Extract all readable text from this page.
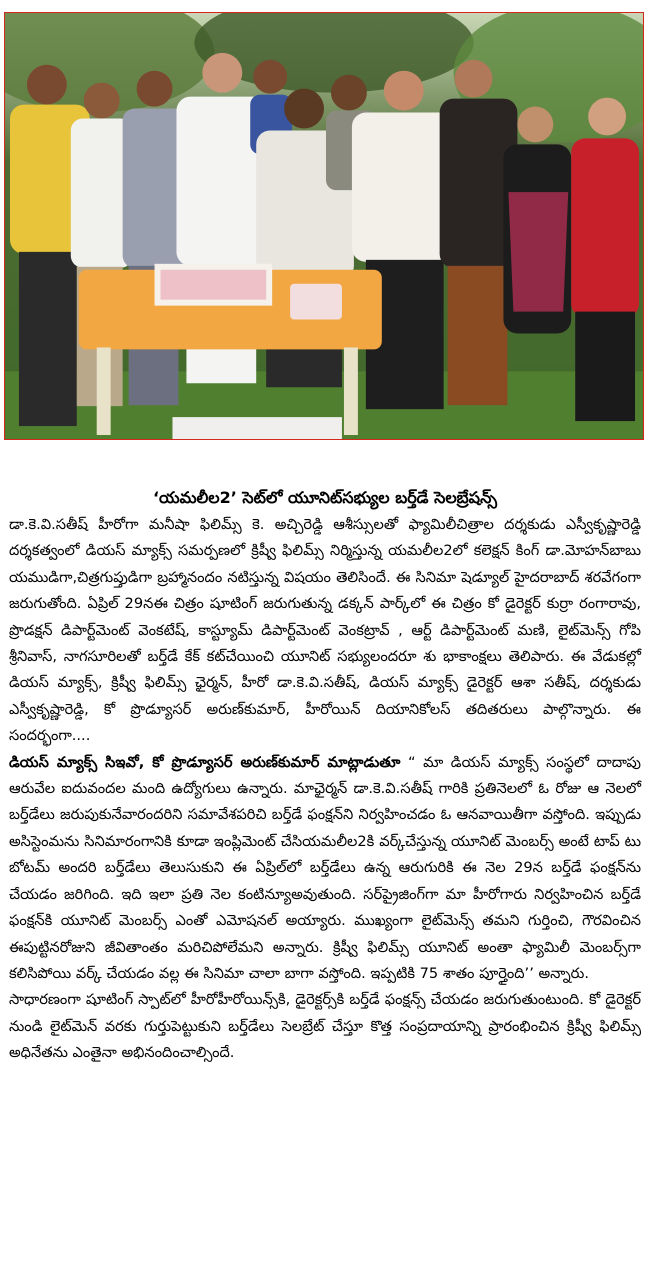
‘యమలీల2’ సెట్‌లో యూనిట్‌సభ్యుల బర్త్‌డే సెలబ్రేషన్స్‌

డా.కె.వి.సతీష్‌ హీరోగా మనీషా ఫిలిమ్స్‌ కె. అచ్చిరెడ్డి ఆశీస్సులతో ఫ్యామిలీచిత్రాల దర్శకుడు ఎస్వీకృష్ణారెడ్డి దర్శకత్వంలో డియస్‌ మ్యాక్స్‌ సమర్పణలో క్రిష్వీ ఫిలిమ్స్‌ నిర్మిస్తున్న యమలీల2లో కలెక్షన్‌ కింగ్‌ డా.మోహన్‌బాబు యముడిగా,చిత్రగుప్తుడిగా బ్రహ్మానందం నటిస్తున్న విషయం తెలిసిందే. ఈ సినిమా షెడ్యూల్‌ హైదరాబాద్‌ శరవేగంగా జరుగుతోంది. ఏప్రిల్‌ 29నఈ చిత్రం షూటింగ్‌ జరుగుతున్న డక్కన్‌ పార్క్‌లో ఈ చిత్రం కో డైరెక్టర్‌ కుర్రా రంగారావు, ప్రొడక్షన్‌ డిపార్ట్‌మెంట్‌ వెంకటేష్‌, కాస్ట్యూమ్‌ డిపార్ట్‌మెంట్‌ వెంకట్రావ్‌ , ఆర్ట్‌ డిపార్ట్‌మెంట్‌ మణి, లైట్‌మెన్స్‌ గోపి శ్రీనివాస్‌, నాగసూరిలతో బర్త్‌డే కేక్‌ కట్‌చేయించి యూనిట్‌ సభ్యులందరూ శు భాకాంక్షలు తెలిపారు. ఈ వేడుకల్లో డియస్‌ మ్యాక్స్‌, క్రిష్వీ ఫిలిమ్స్‌ ఛైర్మన్‌, హీరో డా.కె.వి.సతీష్‌, డియస్‌ మ్యాక్స్‌ డైరెక్టర్‌ ఆశా సతీష్‌, దర్శకుడు ఎస్వీకృష్ణారెడ్డి, కో ప్రొడ్యూసర్‌ అరుణ్‌కుమార్‌, హీరోయిన్‌ దియానికోలస్‌ తదితరులు పాల్గొన్నారు. ఈ సందర్భంగా....

డియస్‌ మ్యాక్స్‌ సిఇవో, కో ప్రొడ్యూసర్‌ అరుణ్‌కుమార్‌ మాట్లాడుతూ “ మా డియస్‌ మ్యాక్స్‌ సంస్థలో దాదాపు ఆరువేల ఐదువందల మంది ఉద్యోగులు ఉన్నారు. మాఛైర్మన్‌ డా.కె.వి.సతీష్‌ గారికి ప్రతినెలలో ఓ రోజు ఆ నెలలో బర్త్‌డేలు జరుపుకునేవారందరిని సమావేశపరిచి బర్త్‌డే ఫంక్షన్‌ని నిర్వహించడం ఓ ఆనవాయితీగా వస్తోంది. ఇప్పుడు అసిస్టెంమను సినిమారంగానికి కూడా ఇంప్లిమెంట్‌ చేసియమలీల2కి వర్క్‌చేస్తున్న యూనిట్‌ మెంబర్స్‌ అంటే టాప్‌ టు బోటమ్‌ అందరి బర్త్‌డేలు తెలుసుకుని ఈ ఏప్రిల్‌లో బర్త్‌డేలు ఉన్న ఆరుగురికి ఈ నెల 29న బర్త్‌డే ఫంక్షన్‌ను చేయడం జరిగింది. ఇది ఇలా ప్రతి నెల కంటిన్యూఅవుతుంది. సర్‌ప్రైజింగ్‌గా మా హీరోగారు నిర్వహించిన బర్త్‌డే ఫంక్షన్‌కి యూనిట్‌ మెంబర్స్‌ ఎంతో ఎమోషనల్‌ అయ్యారు. ముఖ్యంగా లైట్‌మెన్స్‌ తమని గుర్తించి, గౌరవించిన ఈపుట్టినరోజుని జీవితాంతం మరిచిపోలేమని అన్నారు. క్రిష్వీ ఫిలిమ్స్‌ యూనిట్‌ అంతా ఫ్యామిలీ మెంబర్స్‌గా కలిసిపోయి వర్క్‌ చేయడం వల్ల ఈ సినిమా చాలా బాగా వస్తోంది. ఇప్పటికి 75 శాతం పూర్తైంది’’ అన్నారు.

సాధారణంగా షూటింగ్‌ స్పాట్‌లో హీరోహీరోయిన్స్‌కి, డైరెక్టర్స్‌కి బర్త్‌డే ఫంక్షన్స్‌ చేయడం జరుగుతుంటుంది. కో డైరెక్టర్‌ నుండి లైట్‌మెన్‌ వరకు గుర్తుపెట్టుకుని బర్త్‌డేలు సెలబ్రేట్‌ చేస్తూ కొత్త సంప్రదాయాన్ని ప్రారంభించిన క్రిష్వీ ఫిలిమ్స్‌ అధినేతను ఎంతైనా అభినందించాల్సిందే.
